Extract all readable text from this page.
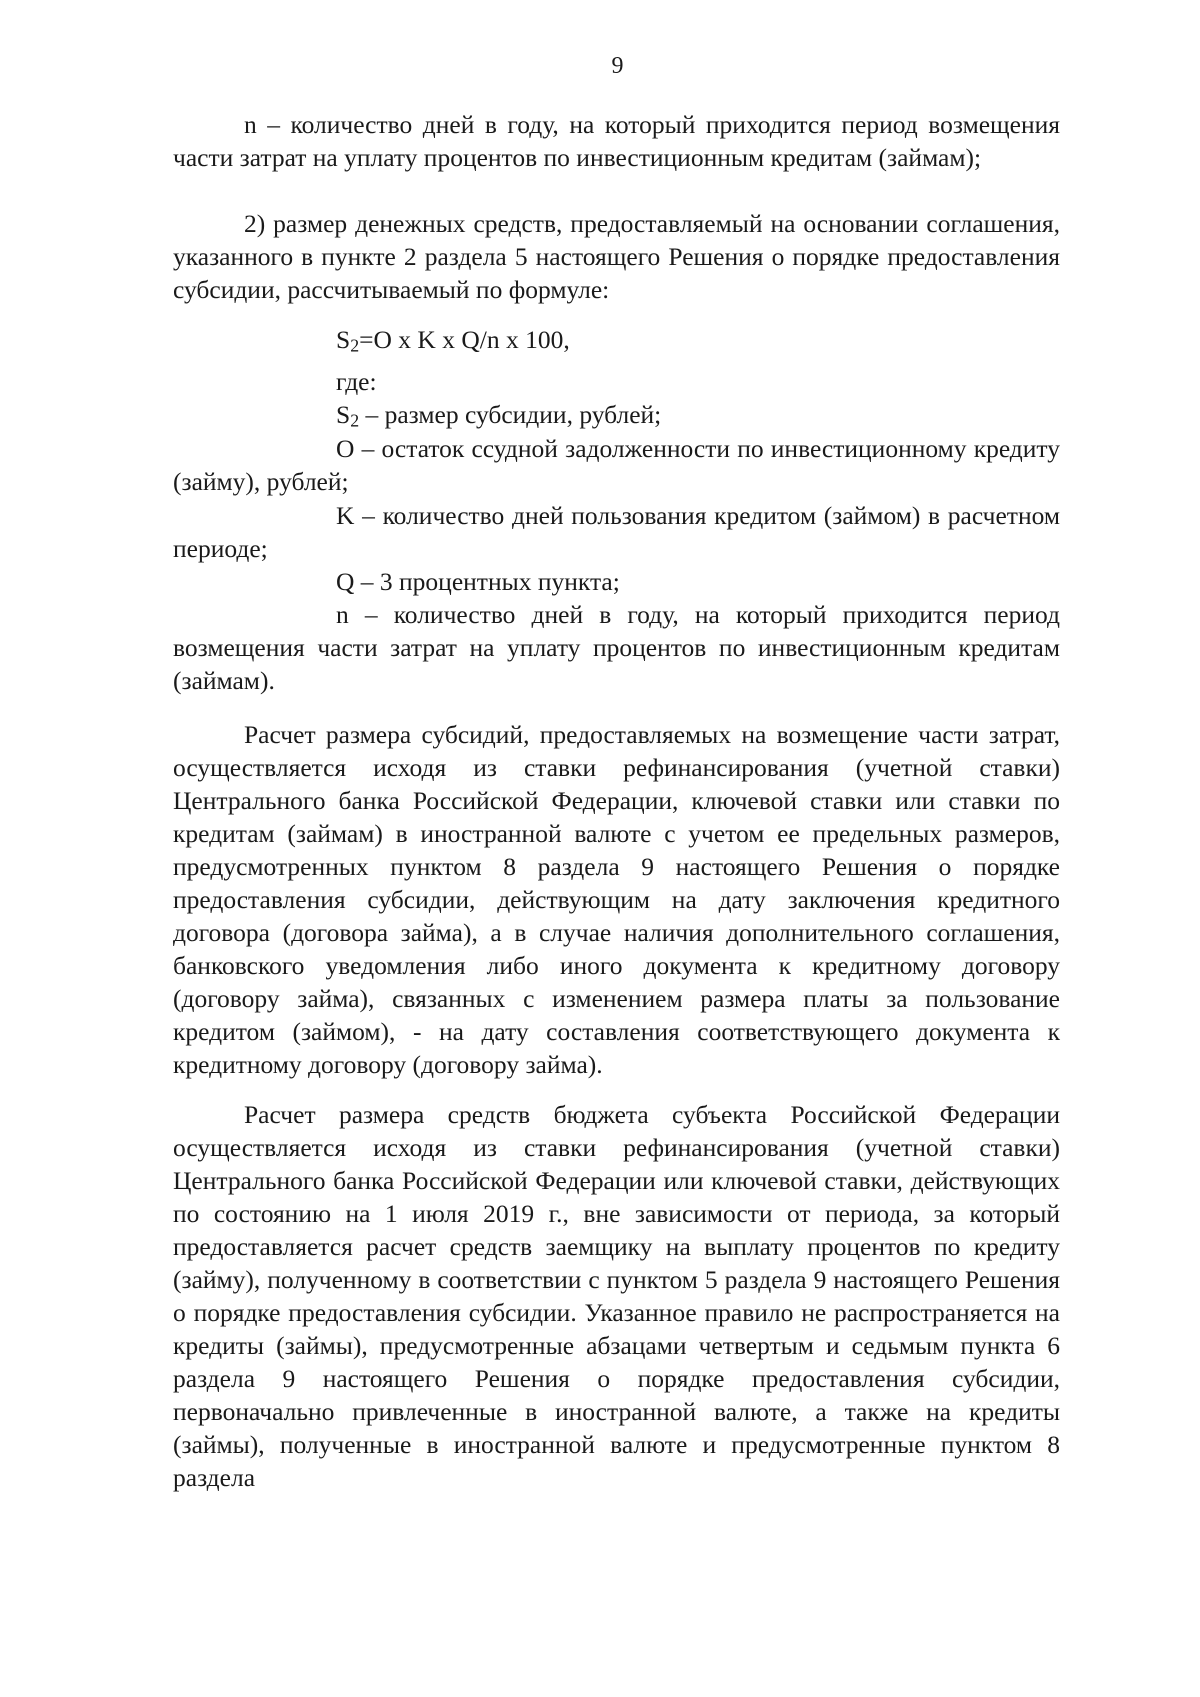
9

n – количество дней в году, на который приходится период возмещения части затрат на уплату процентов по инвестиционным кредитам (займам);

2) размер денежных средств, предоставляемый на основании соглашения, указанного в пункте 2 раздела 5 настоящего Решения о порядке предоставления субсидии, рассчитываемый по формуле:

$S_2=O$ x K x Q/n x 100,

где:

$S_2$ – размер субсидии, рублей;

O – остаток ссудной задолженности по инвестиционному кредиту (займу), рублей;

K – количество дней пользования кредитом (займом) в расчетном периоде;

Q – 3 процентных пункта;

n – количество дней в году, на который приходится период возмещения части затрат на уплату процентов по инвестиционным кредитам (займам).

Расчет размера субсидий, предоставляемых на возмещение части затрат, осуществляется исходя из ставки рефинансирования (учетной ставки) Центрального банка Российской Федерации, ключевой ставки или ставки по кредитам (займам) в иностранной валюте с учетом ее предельных размеров, предусмотренных пунктом 8 раздела 9 настоящего Решения о порядке предоставления субсидии, действующим на дату заключения кредитного договора (договора займа), а в случае наличия дополнительного соглашения, банковского уведомления либо иного документа к кредитному договору (договору займа), связанных с изменением размера платы за пользование кредитом (займом), - на дату составления соответствующего документа к кредитному договору (договору займа).

Расчет размера средств бюджета субъекта Российской Федерации осуществляется исходя из ставки рефинансирования (учетной ставки) Центрального банка Российской Федерации или ключевой ставки, действующих по состоянию на 1 июля 2019 г., вне зависимости от периода, за который предоставляется расчет средств заемщику на выплату процентов по кредиту (займу), полученному в соответствии с пунктом 5 раздела 9 настоящего Решения о порядке предоставления субсидии. Указанное правило не распространяется на кредиты (займы), предусмотренные абзацами четвертым и седьмым пункта 6 раздела 9 настоящего Решения о порядке предоставления субсидии, первоначально привлеченные в иностранной валюте, а также на кредиты (займы), полученные в иностранной валюте и предусмотренные пунктом 8 раздела
